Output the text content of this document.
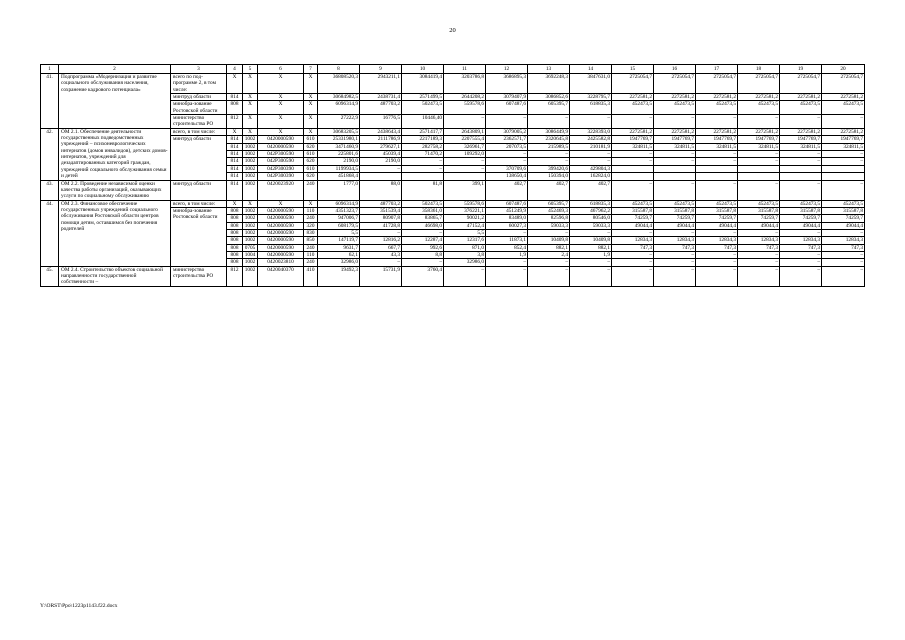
20
1	2	3	4	5	6	7	8	9	10	11	12	13	14	15	16	17	18	19	20
41.	Подпрограмма «Модернизация и развитие социального обслуживания населения, сохранение кадрового потенциала»	всего по под-программе 2, в том числе:	X	X	X	X	36808520,3	2943211,1	3084419,4	3203786,8	3686895,3	3692248,3	3847631,0	2725054,7	2725054,7	2725054,7	2725054,7	2725054,7	2725054,7
		минтруд области	814	X	X	X	30684982,5	2438731,4	2571499,5	2644208,2	3079407,9	3086852,6	3228795,7	2272581,2	2272581,2	2272581,2	2272581,2	2272581,2	2272581,2
		минобра-зование Ростовской области	808	X	X	X	6096314,9	487703,2	502473,5	559578,6	607487,6	605395,7	618835,3	452473,5	452473,5	452473,5	452473,5	452473,5	452473,5
		министерство строительства РО	812	X	X	X	27222,9	16776,5	10446,40	–	–	–	–	–	–	–	–	–	–
42.	ОМ 2.1. Обеспечение деятельности государственных подведомственных учреждений – психоневрологических интернатов (домов инвалидов), детских домов-интернатов, учреждений для дезадаптированных категорий граждан, учреждений социального обслуживания семьи и детей	всего, в том числе:	X	X	X	X	30683205,5	2438643,4	2571417,7	2643809,1	3079005,2	3086449,9	3228393,0	2272581,2	2272581,2	2272581,2	2272581,2	2272581,2	2272581,2
		минтруд области	814	1002	0420000590	610	25331980,1	2111786,9	2217189,3	2207555,4	2362571,7	2320645,8	2425582,8	1947769,7	1947769,7	1947769,7	1947769,7	1947769,7	1947769,7
			814	1002	0420000590	620	3471460,9	279627,1	282758,2	326961,7	207073,5	215989,5	210181,9	324811,5	324811,5	324811,5	324811,5	324811,5	324811,5
			814	1002	042P300590	610	225801,6	45039,4	71470,2	109292,0	–	–	–	–	–	–	–	–	–
			814	1002	042P300590	620	2190,0	2190,0	–	–	–	–	–	–	–	–	–	–	–
			814	1002	042P300390	610	1199934,5	–	–	–	370709,6	399420,6	429804,3						
			814	1002	042P300390	620	451868,4				138650,4	150394,0	162824,0						
43.	ОМ 2.2. Проведение независимой оценки качества работы организаций, оказывающих услуги по социальному обслуживанию	минтруд области	814	1002	0420023920	240	1777,0	88,0	81,8	399,1	402,7	402,7	402,7	–	–	–	–	–	–
44.	ОМ 2.3. Финансовое обеспечение государственных учреждений социального обслуживания Ростовской области центров помощи детям, оставшимся без попечения родителей	всего, в том числе:	X	X	X	X	6096314,9	487703,2	502473,5	559578,6	607487,6	605395,7	618835,3	452473,5	452473,5	452473,5	452473,5	452473,5	452473,5
		минобра-зование Ростовской области	808	1002	0420000590	110	4351323,7	351539,4	358361,0	376221,1	451249,9	452469,3	467962,2	315587,8	315587,8	315587,8	315587,8	315587,8	315587,8
			808	1002	0420000590	240	947006,7	80907,8	83865,7	90021,2	83489,0	82596,8	80546,0	74259,7	74259,7	74259,7	74259,7	74259,7	74259,7
			808	1002	0420000590	320	608179,5	41728,8	46698,0	47152,4	60027,3	59033,3	59033,3	49044,4	49044,4	49044,4	49044,4	49044,4	49044,4
			808	1002	0420000590	830	5,5	–	–	5,5	–	–	–	–	–	–	–	–	–
			808	1002	0420000590	850	147119,7	12816,2	12287,4	12317,6	11873,1	10409,8	10409,8	12834,3	12834,3	12834,3	12834,3	12834,3	12834,3
			808	0705	0420000590	240	9631,7	667,7	992,6	871,0	852,4	882,1	882,1	747,3	747,3	747,3	747,3	747,3	747,3
			808	1004	0420000590	110	62,1	43,3	8,8	3,8	1,9	2,4	1,9	–	–	–	–	–	–
			808	1002	0420023810	240	32986,0	–	–	32986,0	–	–	–	–	–	–	–	–	–
45.	ОМ 2.4. Строительство объектов социальной направленности государственной собственности –	министерство строительства РО	812	1002	0420040370	410	19492,3	15731,9	3760,4	–	–	–	–	–	–	–	–	–	–
Y:\ORST\Ppo\1223p1143.f22.docx
